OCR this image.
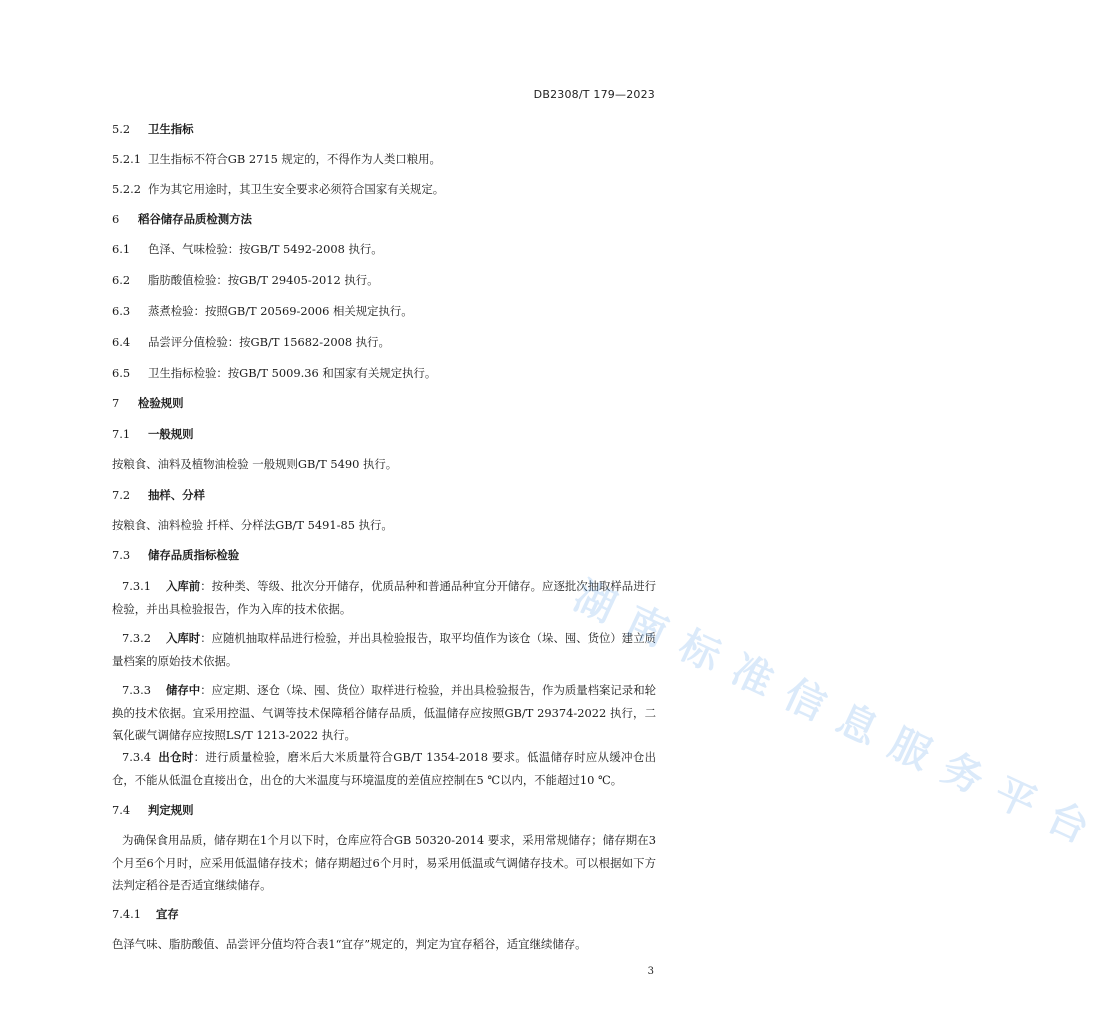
DB2308/T 179—2023
5.2 卫生指标
5.2.1 卫生指标不符合GB 2715 规定的，不得作为人类口粮用。
5.2.2 作为其它用途时，其卫生安全要求必须符合国家有关规定。
6 稻谷储存品质检测方法
6.1 色泽、气味检验：按GB/T 5492-2008 执行。
6.2 脂肪酸值检验：按GB/T 29405-2012 执行。
6.3 蒸煮检验：按照GB/T 20569-2006 相关规定执行。
6.4 品尝评分值检验：按GB/T 15682-2008 执行。
6.5 卫生指标检验：按GB/T 5009.36 和国家有关规定执行。
7 检验规则
7.1 一般规则
按粮食、油料及植物油检验 一般规则GB/T 5490 执行。
7.2 抽样、分样
按粮食、油料检验 扦样、分样法GB/T 5491-85 执行。
7.3 储存品质指标检验
7.3.1 入库前：按种类、等级、批次分开储存，优质品种和普通品种宜分开储存。应逐批次抽取样品进行检验，并出具检验报告，作为入库的技术依据。
7.3.2 入库时：应随机抽取样品进行检验，并出具检验报告，取平均值作为该仓（垛、囤、货位）建立质量档案的原始技术依据。
7.3.3 储存中：应定期、逐仓（垛、囤、货位）取样进行检验，并出具检验报告，作为质量档案记录和轮换的技术依据。宜采用控温、气调等技术保障稻谷储存品质，低温储存应按照GB/T 29374-2022 执行，二氧化碳气调储存应按照LS/T 1213-2022 执行。
7.3.4 出仓时：进行质量检验，磨米后大米质量符合GB/T 1354-2018 要求。低温储存时应从缓冲仓出仓，不能从低温仓直接出仓，出仓的大米温度与环境温度的差值应控制在5 ℃以内，不能超过10 ℃。
7.4 判定规则
为确保食用品质，储存期在1个月以下时，仓库应符合GB 50320-2014 要求，采用常规储存；储存期在3个月至6个月时，应采用低温储存技术；储存期超过6个月时，易采用低温或气调储存技术。可以根据如下方法判定稻谷是否适宜继续储存。
7.4.1 宜存
色泽气味、脂肪酸值、品尝评分值均符合表1“宜存”规定的，判定为宜存稻谷，适宜继续储存。
湖南标准信息服务平台
3
